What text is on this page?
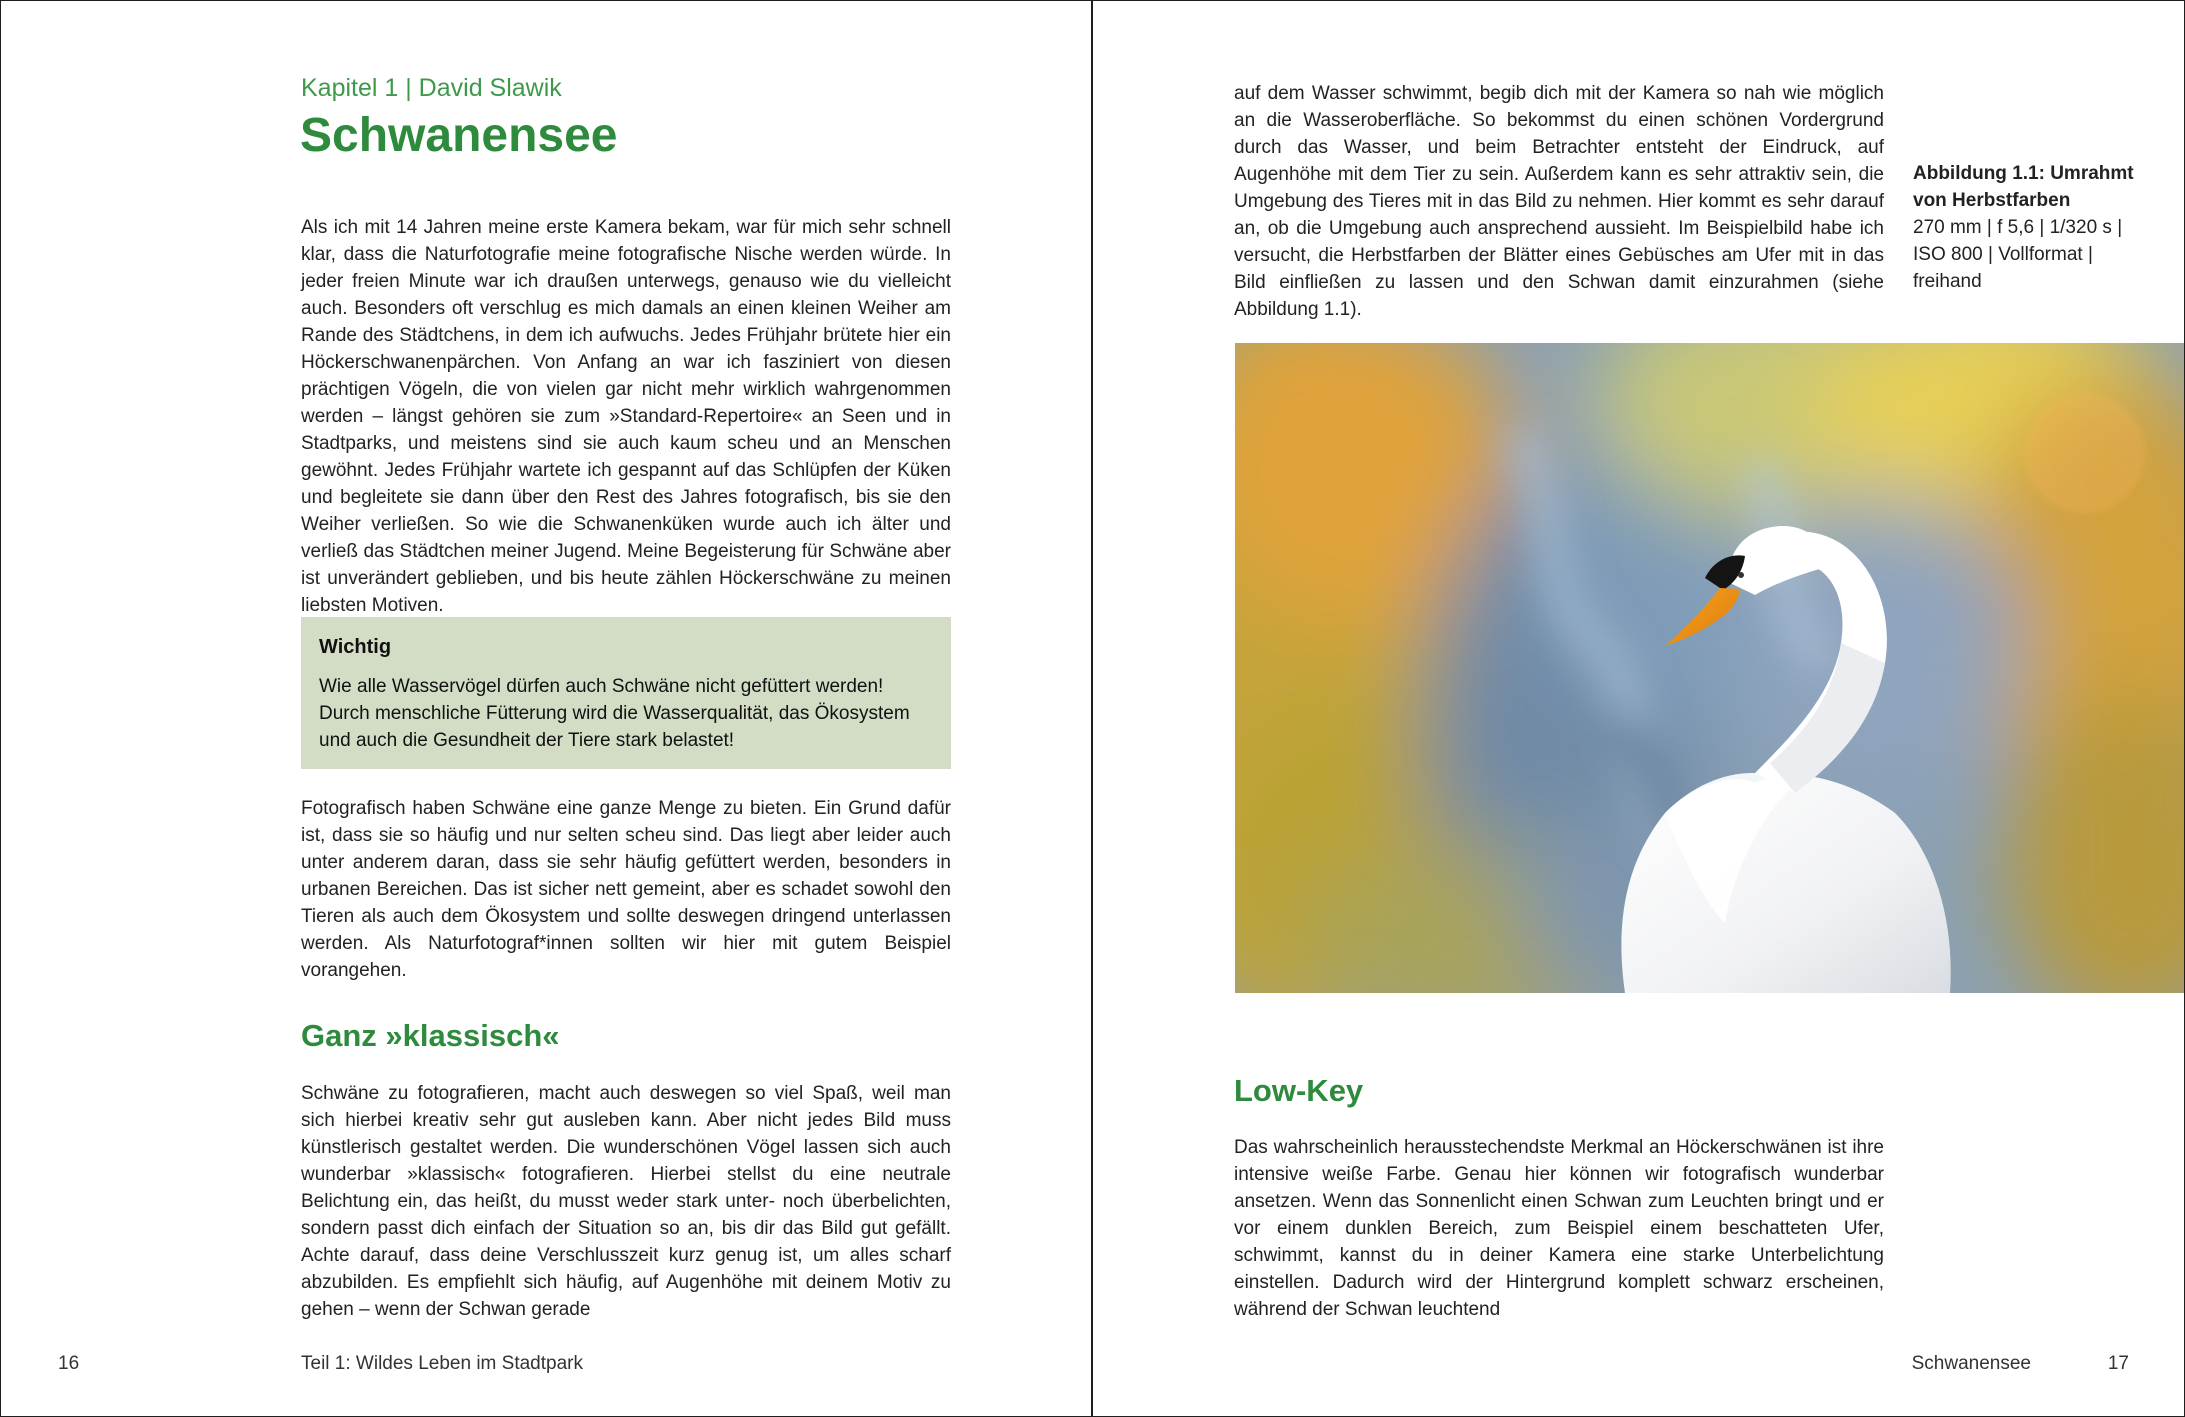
Kapitel 1 | David Slawik
Schwanensee

Als ich mit 14 Jahren meine erste Kamera bekam, war für mich sehr schnell klar, dass die Naturfotografie meine fotografische Nische werden würde. In jeder freien Minute war ich draußen unterwegs, genauso wie du vielleicht auch. Besonders oft verschlug es mich damals an einen kleinen Weiher am Rande des Städtchens, in dem ich aufwuchs. Jedes Frühjahr brütete hier ein Höckerschwanenpärchen. Von Anfang an war ich fasziniert von diesen prächtigen Vögeln, die von vielen gar nicht mehr wirklich wahrgenommen werden – längst gehören sie zum »Standard-Repertoire« an Seen und in Stadtparks, und meistens sind sie auch kaum scheu und an Menschen gewöhnt. Jedes Frühjahr wartete ich gespannt auf das Schlüpfen der Küken und begleitete sie dann über den Rest des Jahres fotografisch, bis sie den Weiher verließen. So wie die Schwanenküken wurde auch ich älter und verließ das Städtchen meiner Jugend. Meine Begeisterung für Schwäne aber ist unverändert geblieben, und bis heute zählen Höckerschwäne zu meinen liebsten Motiven.

Wichtig

Wie alle Wasservögel dürfen auch Schwäne nicht gefüttert werden! Durch menschliche Fütterung wird die Wasserqualität, das Ökosystem und auch die Gesundheit der Tiere stark belastet!

Fotografisch haben Schwäne eine ganze Menge zu bieten. Ein Grund dafür ist, dass sie so häufig und nur selten scheu sind. Das liegt aber leider auch unter anderem daran, dass sie sehr häufig gefüttert werden, besonders in urbanen Bereichen. Das ist sicher nett gemeint, aber es schadet sowohl den Tieren als auch dem Ökosystem und sollte deswegen dringend unterlassen werden. Als Naturfotograf*innen sollten wir hier mit gutem Beispiel vorangehen.

Ganz »klassisch«

Schwäne zu fotografieren, macht auch deswegen so viel Spaß, weil man sich hierbei kreativ sehr gut ausleben kann. Aber nicht jedes Bild muss künstlerisch gestaltet werden. Die wunderschönen Vögel lassen sich auch wunderbar »klassisch« fotografieren. Hierbei stellst du eine neutrale Belichtung ein, das heißt, du musst weder stark unter- noch überbelichten, sondern passt dich einfach der Situation so an, bis dir das Bild gut gefällt. Achte darauf, dass deine Verschlusszeit kurz genug ist, um alles scharf abzubilden. Es empfiehlt sich häufig, auf Augenhöhe mit deinem Motiv zu gehen – wenn der Schwan gerade

16	Teil 1: Wildes Leben im Stadtpark

auf dem Wasser schwimmt, begib dich mit der Kamera so nah wie möglich an die Wasseroberfläche. So bekommst du einen schönen Vordergrund durch das Wasser, und beim Betrachter entsteht der Eindruck, auf Augenhöhe mit dem Tier zu sein. Außerdem kann es sehr attraktiv sein, die Umgebung des Tieres mit in das Bild zu nehmen. Hier kommt es sehr darauf an, ob die Umgebung auch ansprechend aussieht. Im Beispielbild habe ich versucht, die Herbstfarben der Blätter eines Gebüsches am Ufer mit in das Bild einfließen zu lassen und den Schwan damit einzurahmen (siehe Abbildung 1.1).

Low-Key

Das wahrscheinlich herausstechendste Merkmal an Höckerschwänen ist ihre intensive weiße Farbe. Genau hier können wir fotografisch wunderbar ansetzen. Wenn das Sonnenlicht einen Schwan zum Leuchten bringt und er vor einem dunklen Bereich, zum Beispiel einem beschatteten Ufer, schwimmt, kannst du in deiner Kamera eine starke Unterbelichtung einstellen. Dadurch wird der Hintergrund komplett schwarz erscheinen, während der Schwan leuchtend

Schwanensee	17
Abbildung 1.1: Umrahmt von Herbstfarben
270 mm | f 5,6 | 1/320 s | ISO 800 | Vollformat | freihand
